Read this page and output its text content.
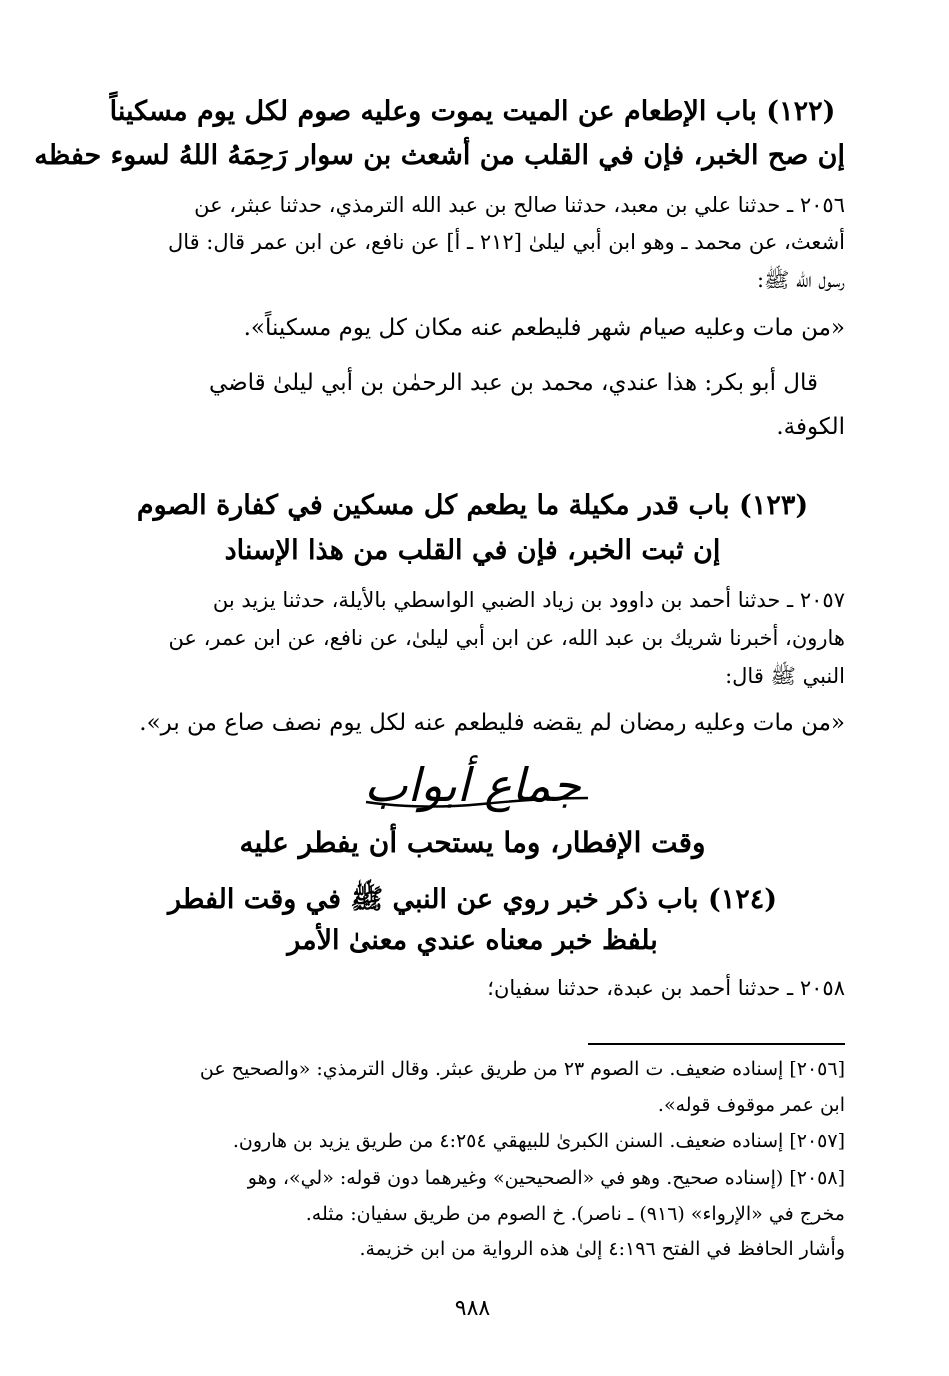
(١٢٢) باب الإطعام عن الميت يموت وعليه صوم لكل يوم مسكيناً
إن صح الخبر، فإن في القلب من أشعث بن سوار رَحِمَهُ اللهُ لسوء حفظه
٢٠٥٦ ـ حدثنا علي بن معبد، حدثنا صالح بن عبد الله الترمذي، حدثنا عبثر، عن
أشعث، عن محمد ـ وهو ابن أبي ليلىٰ [٢١٢ ـ أ] عن نافع، عن ابن عمر قال: قال
رسول الله ﷺ:
«من مات وعليه صيام شهر فليطعم عنه مكان كل يوم مسكيناً».
قال أبو بكر: هذا عندي، محمد بن عبد الرحمٰن بن أبي ليلىٰ قاضي
الكوفة.
(١٢٣) باب قدر مكيلة ما يطعم كل مسكين في كفارة الصوم
إن ثبت الخبر، فإن في القلب من هذا الإسناد
٢٠٥٧ ـ حدثنا أحمد بن داوود بن زياد الضبي الواسطي بالأيلة، حدثنا يزيد بن
هارون، أخبرنا شريك بن عبد الله، عن ابن أبي ليلىٰ، عن نافع، عن ابن عمر، عن
النبي ﷺ قال:
«من مات وعليه رمضان لم يقضه فليطعم عنه لكل يوم نصف صاع من بر».
جماع أبواب
وقت الإفطار، وما يستحب أن يفطر عليه
(١٢٤) باب ذكر خبر روي عن النبي ﷺ في وقت الفطر
بلفظ خبر معناه عندي معنىٰ الأمر
٢٠٥٨ ـ حدثنا أحمد بن عبدة، حدثنا سفيان؛
[٢٠٥٦] إسناده ضعيف. ت الصوم ٢٣ من طريق عبثر. وقال الترمذي: «والصحيح عن
ابن عمر موقوف قوله».
[٢٠٥٧] إسناده ضعيف. السنن الكبرىٰ للبيهقي ٤:٢٥٤ من طريق يزيد بن هارون.
[٢٠٥٨] (إسناده صحيح. وهو في «الصحيحين» وغيرهما دون قوله: «لي»، وهو
مخرج في «الإرواء» (٩١٦) ـ ناصر). خ الصوم من طريق سفيان: مثله.
وأشار الحافظ في الفتح ٤:١٩٦ إلىٰ هذه الرواية من ابن خزيمة.
٩٨٨
